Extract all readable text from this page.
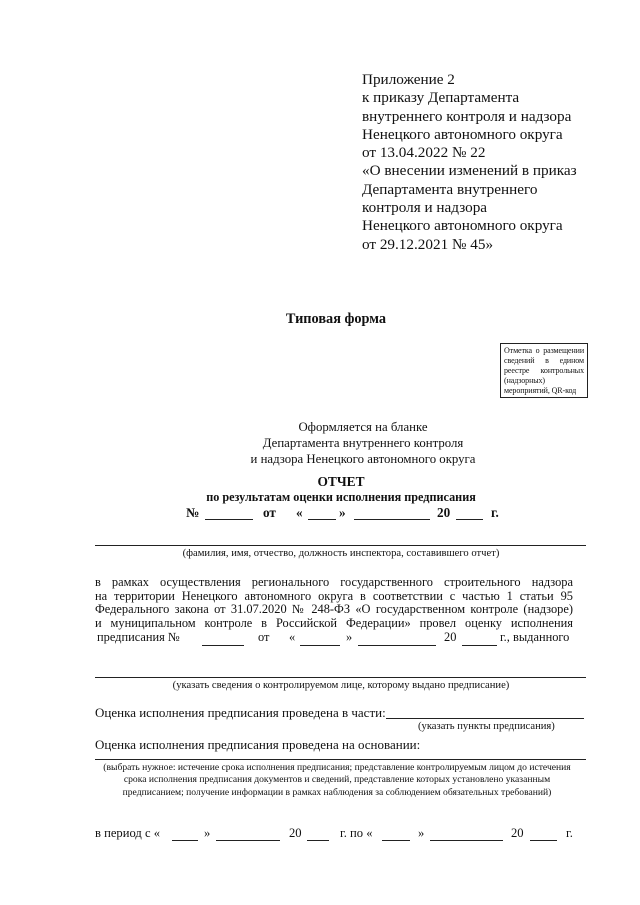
Приложение 2
к приказу Департамента
внутреннего контроля и надзора
Ненецкого автономного округа
от 13.04.2022 № 22
«О внесении изменений в приказ
Департамента внутреннего
контроля и надзора
Ненецкого автономного округа
от 29.12.2021 № 45»
Типовая форма
Отметка о размещении сведений в едином реестре контрольных (надзорных) мероприятий, QR-код
Оформляется на бланке
Департамента внутреннего контроля
и надзора Ненецкого автономного округа
ОТЧЕТ
по результатам оценки исполнения предписания
№	от «	»	20	г.
(фамилия, имя, отчество, должность инспектора, составившего отчет)
в рамках осуществления регионального государственного строительного надзора
на территории Ненецкого автономного округа в соответствии с частью 1 статьи 95
Федерального закона от 31.07.2020 № 248-ФЗ «О государственном контроле (надзоре)
и муниципальном контроле в Российской Федерации» провел оценку исполнения
предписания №	от «	»	20	г., выданного
(указать сведения о контролируемом лице, которому выдано предписание)
Оценка исполнения предписания проведена в части:
(указать пункты предписания)
Оценка исполнения предписания проведена на основании:
(выбрать нужное: истечение срока исполнения предписания; представление контролируемым лицом до истечения срока исполнения предписания документов и сведений, представление которых установлено указанным предписанием; получение информации в рамках наблюдения за соблюдением обязательных требований)
в период с «	»	20	г. по «	»	20	г.
